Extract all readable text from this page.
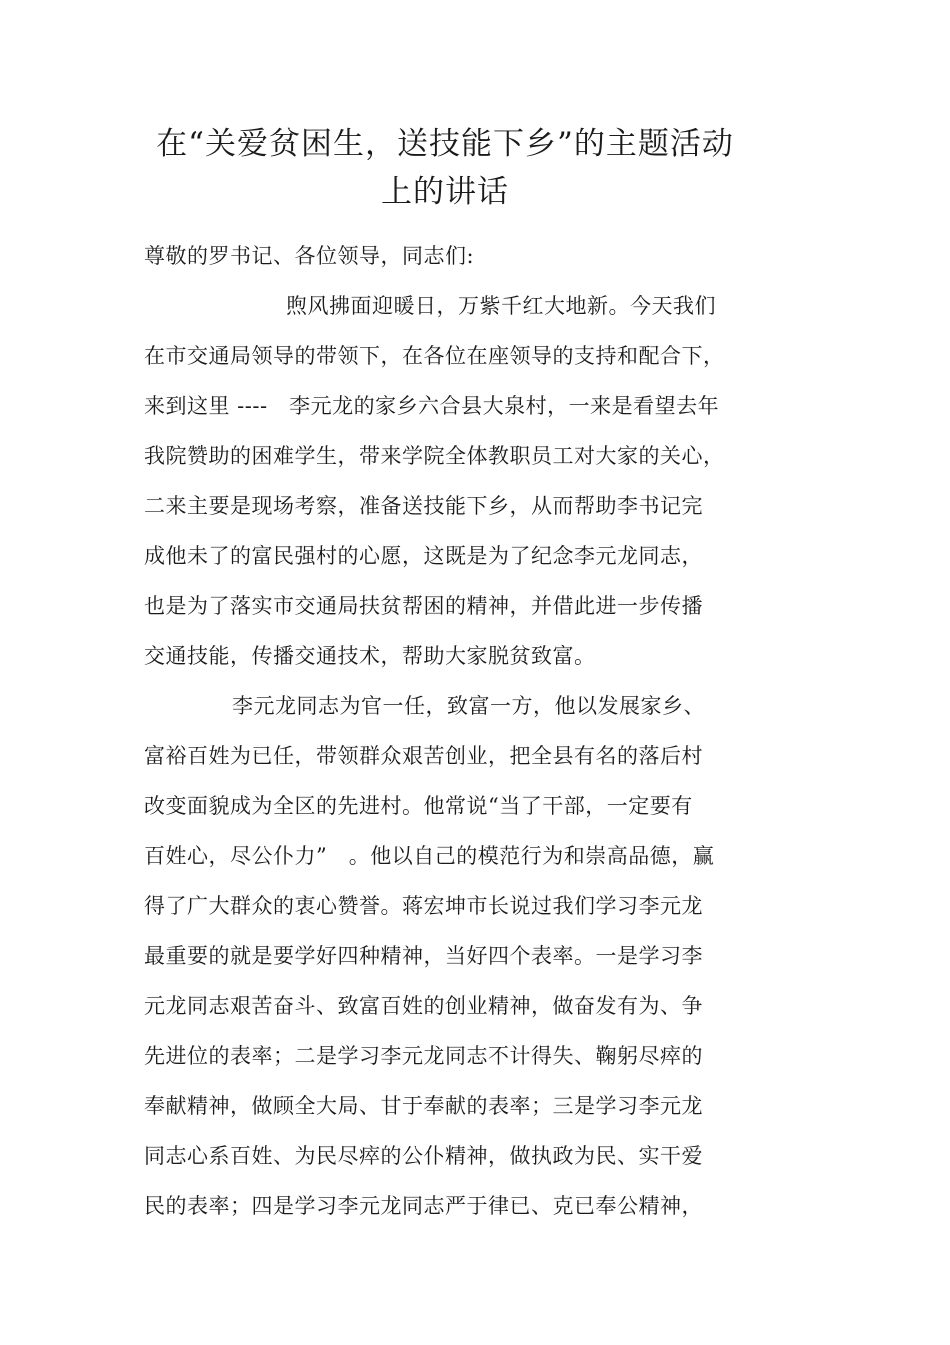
在“关爱贫困生，送技能下乡”的主题活动
上的讲话

尊敬的罗书记、各位领导，同志们:

煦风拂面迎暖日，万紫千红大地新。今天我们

在市交通局领导的带领下，在各位在座领导的支持和配合下，

来到这里 ----   李元龙的家乡六合县大泉村，一来是看望去年

我院赞助的困难学生，带来学院全体教职员工对大家的关心，

二来主要是现场考察，准备送技能下乡，从而帮助李书记完

成他未了的富民强村的心愿，这既是为了纪念李元龙同志，

也是为了落实市交通局扶贫帮困的精神，并借此进一步传播

交通技能，传播交通技术，帮助大家脱贫致富。

李元龙同志为官一任，致富一方，他以发展家乡、

富裕百姓为已任，带领群众艰苦创业，把全县有名的落后村

改变面貌成为全区的先进村。他常说“当了干部，一定要有

百姓心，尽公仆力”   。他以自己的模范行为和崇高品德，赢

得了广大群众的衷心赞誉。蒋宏坤市长说过我们学习李元龙

最重要的就是要学好四种精神，当好四个表率。一是学习李

元龙同志艰苦奋斗、致富百姓的创业精神，做奋发有为、争

先进位的表率；二是学习李元龙同志不计得失、鞠躬尽瘁的

奉献精神，做顾全大局、甘于奉献的表率；三是学习李元龙

同志心系百姓、为民尽瘁的公仆精神，做执政为民、实干爱

民的表率；四是学习李元龙同志严于律已、克已奉公精神，
